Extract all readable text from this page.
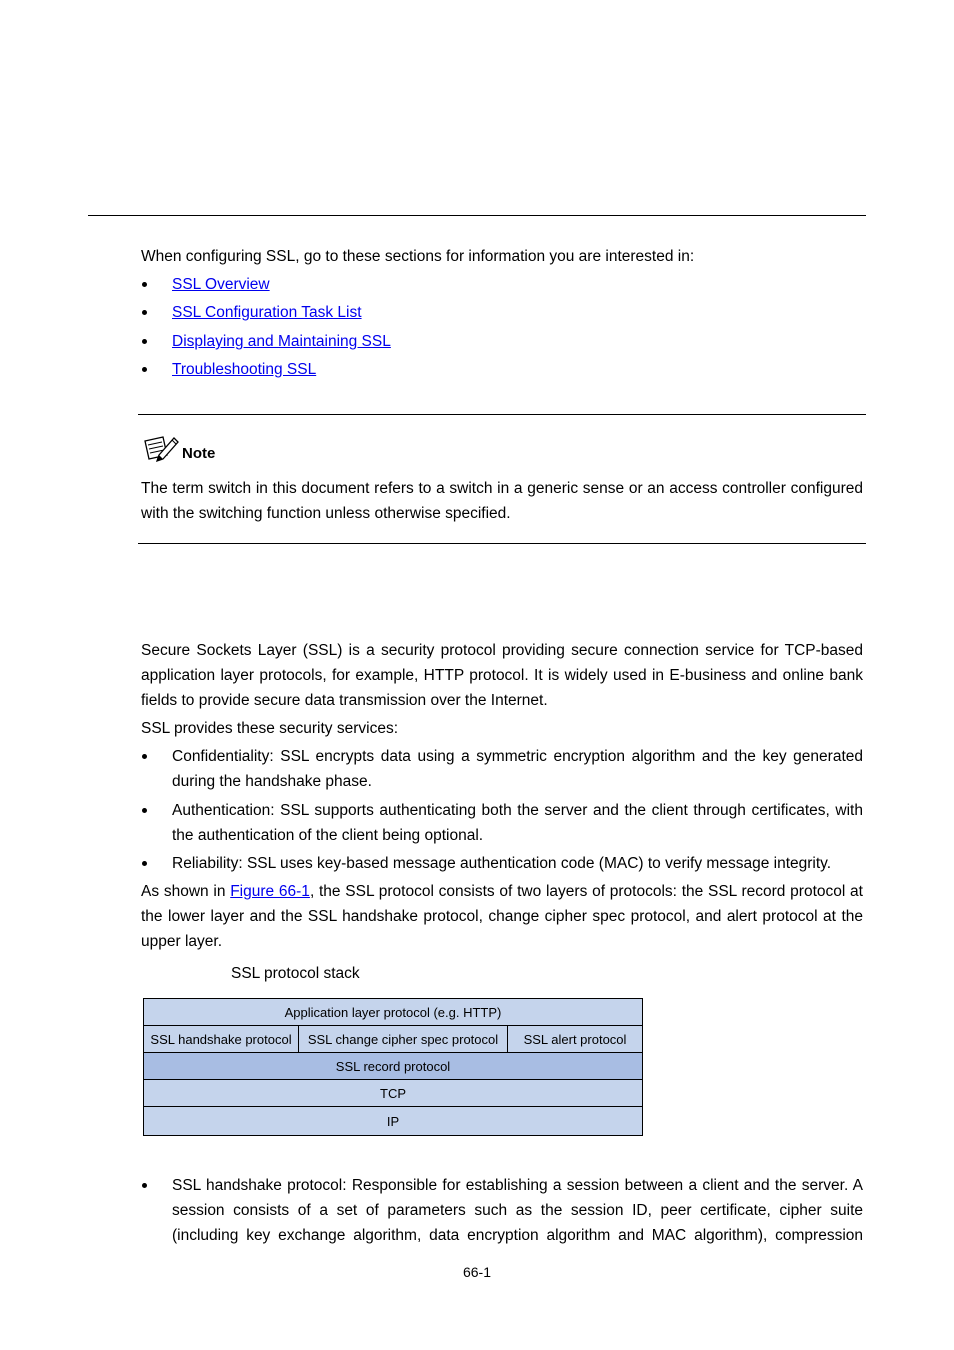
When configuring SSL, go to these sections for information you are interested in:

SSL Overview
SSL Configuration Task List
Displaying and Maintaining SSL
Troubleshooting SSL
Note

The term switch in this document refers to a switch in a generic sense or an access controller configured with the switching function unless otherwise specified.

Secure Sockets Layer (SSL) is a security protocol providing secure connection service for TCP-based application layer protocols, for example, HTTP protocol. It is widely used in E-business and online bank fields to provide secure data transmission over the Internet.

SSL provides these security services:

Confidentiality: SSL encrypts data using a symmetric encryption algorithm and the key generated during the handshake phase.
Authentication: SSL supports authenticating both the server and the client through certificates, with the authentication of the client being optional.
Reliability: SSL uses key-based message authentication code (MAC) to verify message integrity.

As shown in Figure 66-1, the SSL protocol consists of two layers of protocols: the SSL record protocol at the lower layer and the SSL handshake protocol, change cipher spec protocol, and alert protocol at the upper layer.

SSL protocol stack
Application layer protocol (e.g. HTTP)
SSL handshake protocol SSL change cipher spec protocol SSL alert protocol
SSL record protocol
TCP
IP
SSL handshake protocol: Responsible for establishing a session between a client and the server. A session consists of a set of parameters such as the session ID, peer certificate, cipher suite (including key exchange algorithm, data encryption algorithm and MAC algorithm), compression
66-1
